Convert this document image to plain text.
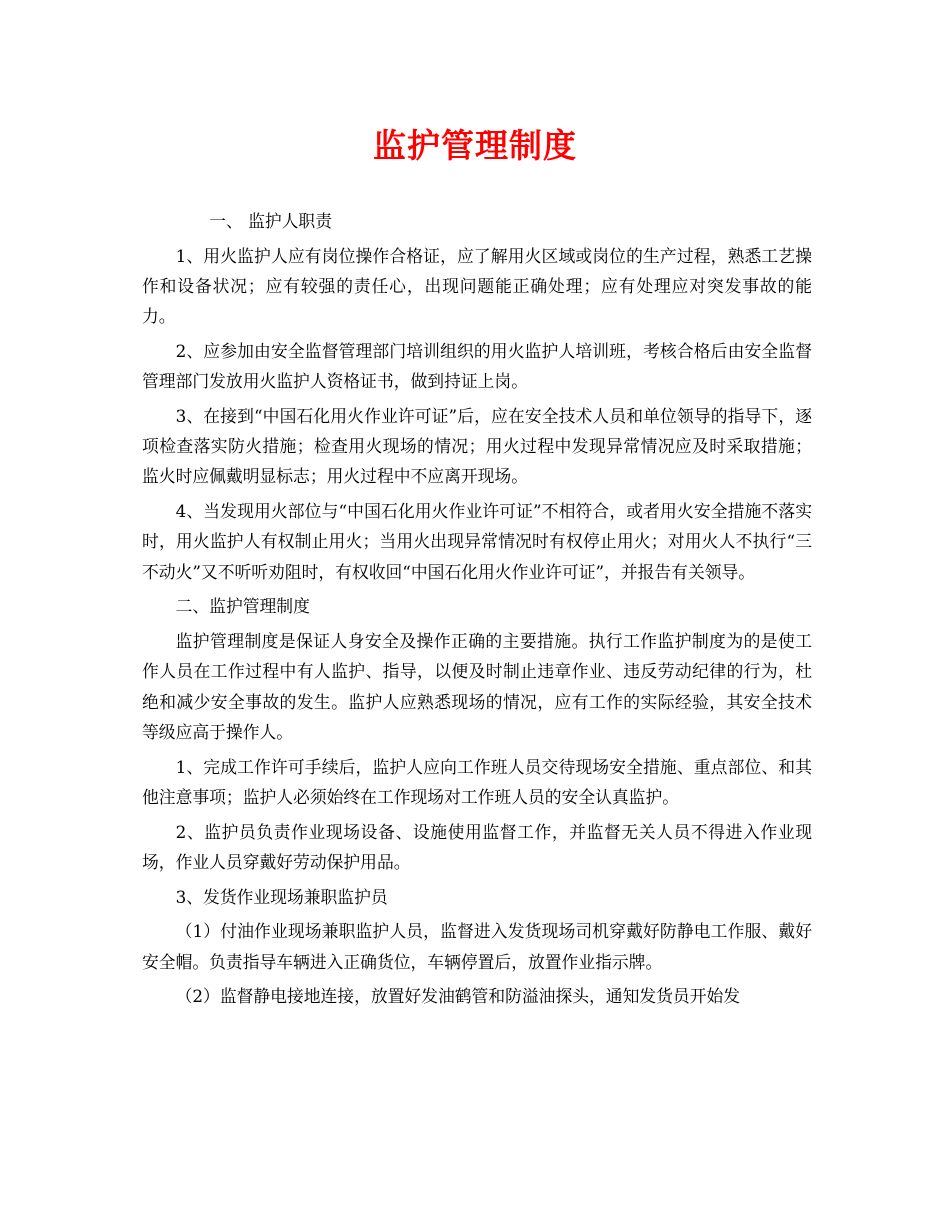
监护管理制度

一、 监护人职责

1、用火监护人应有岗位操作合格证，应了解用火区域或岗位的生产过程，熟悉工艺操作和设备状况；应有较强的责任心，出现问题能正确处理；应有处理应对突发事故的能力。

2、应参加由安全监督管理部门培训组织的用火监护人培训班，考核合格后由安全监督管理部门发放用火监护人资格证书，做到持证上岗。

3、在接到“中国石化用火作业许可证”后，应在安全技术人员和单位领导的指导下，逐项检查落实防火措施；检查用火现场的情况；用火过程中发现异常情况应及时采取措施；监火时应佩戴明显标志；用火过程中不应离开现场。

4、当发现用火部位与“中国石化用火作业许可证”不相符合，或者用火安全措施不落实时，用火监护人有权制止用火；当用火出现异常情况时有权停止用火；对用火人不执行“三不动火”又不听听劝阻时，有权收回“中国石化用火作业许可证”，并报告有关领导。

二、监护管理制度

监护管理制度是保证人身安全及操作正确的主要措施。执行工作监护制度为的是使工作人员在工作过程中有人监护、指导，以便及时制止违章作业、违反劳动纪律的行为，杜绝和减少安全事故的发生。监护人应熟悉现场的情况，应有工作的实际经验，其安全技术等级应高于操作人。

1、完成工作许可手续后，监护人应向工作班人员交待现场安全措施、重点部位、和其他注意事项；监护人必须始终在工作现场对工作班人员的安全认真监护。

2、监护员负责作业现场设备、设施使用监督工作，并监督无关人员不得进入作业现场，作业人员穿戴好劳动保护用品。

3、发货作业现场兼职监护员

（1）付油作业现场兼职监护人员，监督进入发货现场司机穿戴好防静电工作服、戴好安全帽。负责指导车辆进入正确货位，车辆停置后，放置作业指示牌。

（2）监督静电接地连接，放置好发油鹤管和防溢油探头，通知发货员开始发
